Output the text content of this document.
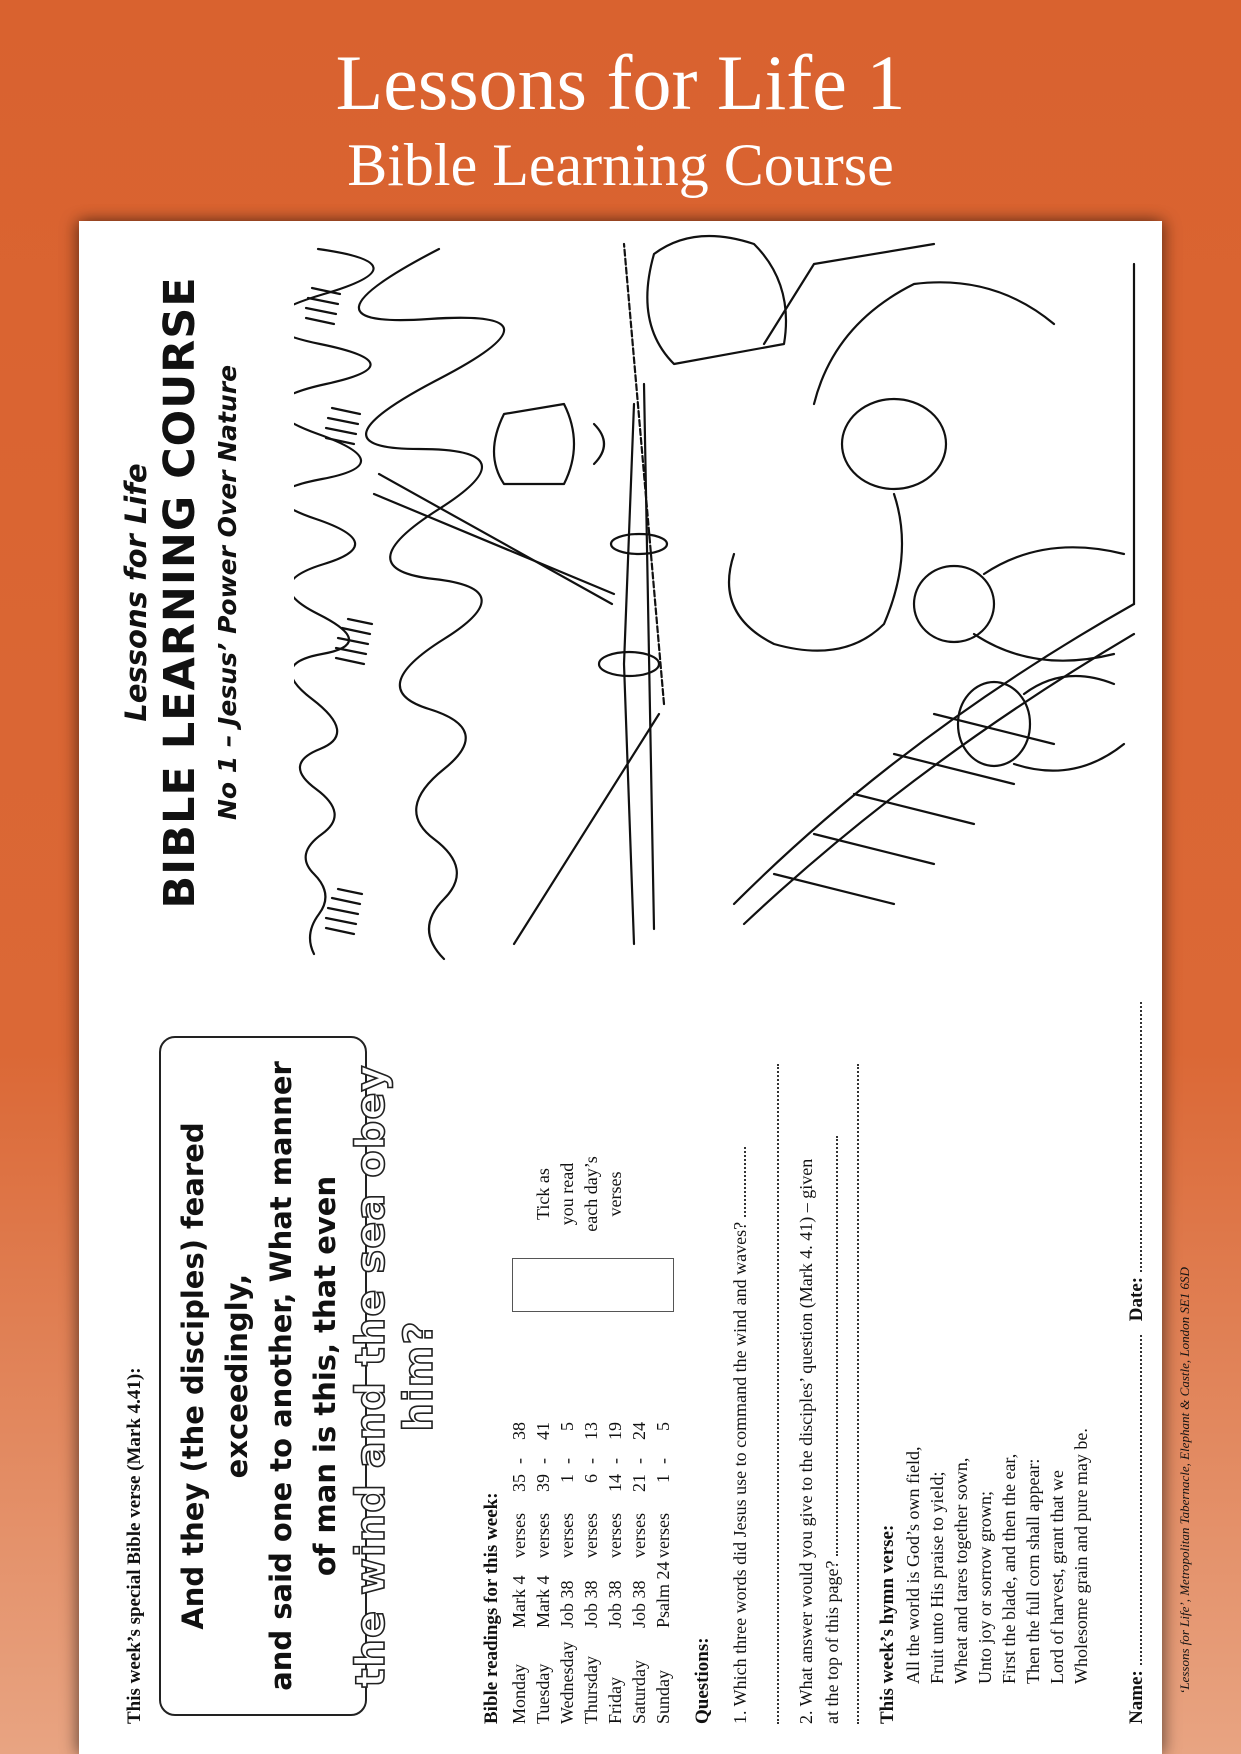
Lessons for Life 1
Bible Learning Course
This week’s special Bible verse (Mark 4.41): And they (the disciples) feared exceedingly, and said one to another, What manner of man is this, that even the wind and the sea obey him?
Bible readings for this week: Monday
Mark 4
verses
35
-
38
Tuesday
Mark 4
verses
39
-
41
Wednesday
Job 38
verses
1
-
5
Thursday
Job 38
verses
6
-
13
Friday
Job 38
verses
14
-
19
Saturday
Job 38
verses
21
-
24
Sunday
Psalm 24
verses
1
-
5
Tick as you read each day’s verses
Questions: 1. Which three words did Jesus use to command the wind and waves?	2. What answer would you give to the disciples’ question (Mark 4. 41) – given at the top of this page? This week’s hymn verse: All the world is God’s own field, Fruit unto His praise to yield; Wheat and tares together sown, Unto joy or sorrow grown; First the blade, and then the ear, Then the full corn shall appear: Lord of harvest, grant that we Wholesome grain and pure may be.
Name:    Date: ‘Lessons for Life’, Metropolitan Tabernacle, Elephant & Castle, London SE1 6SD
Lessons for Life BIBLE LEARNING COURSE No 1 – Jesus’ Power Over Nature
